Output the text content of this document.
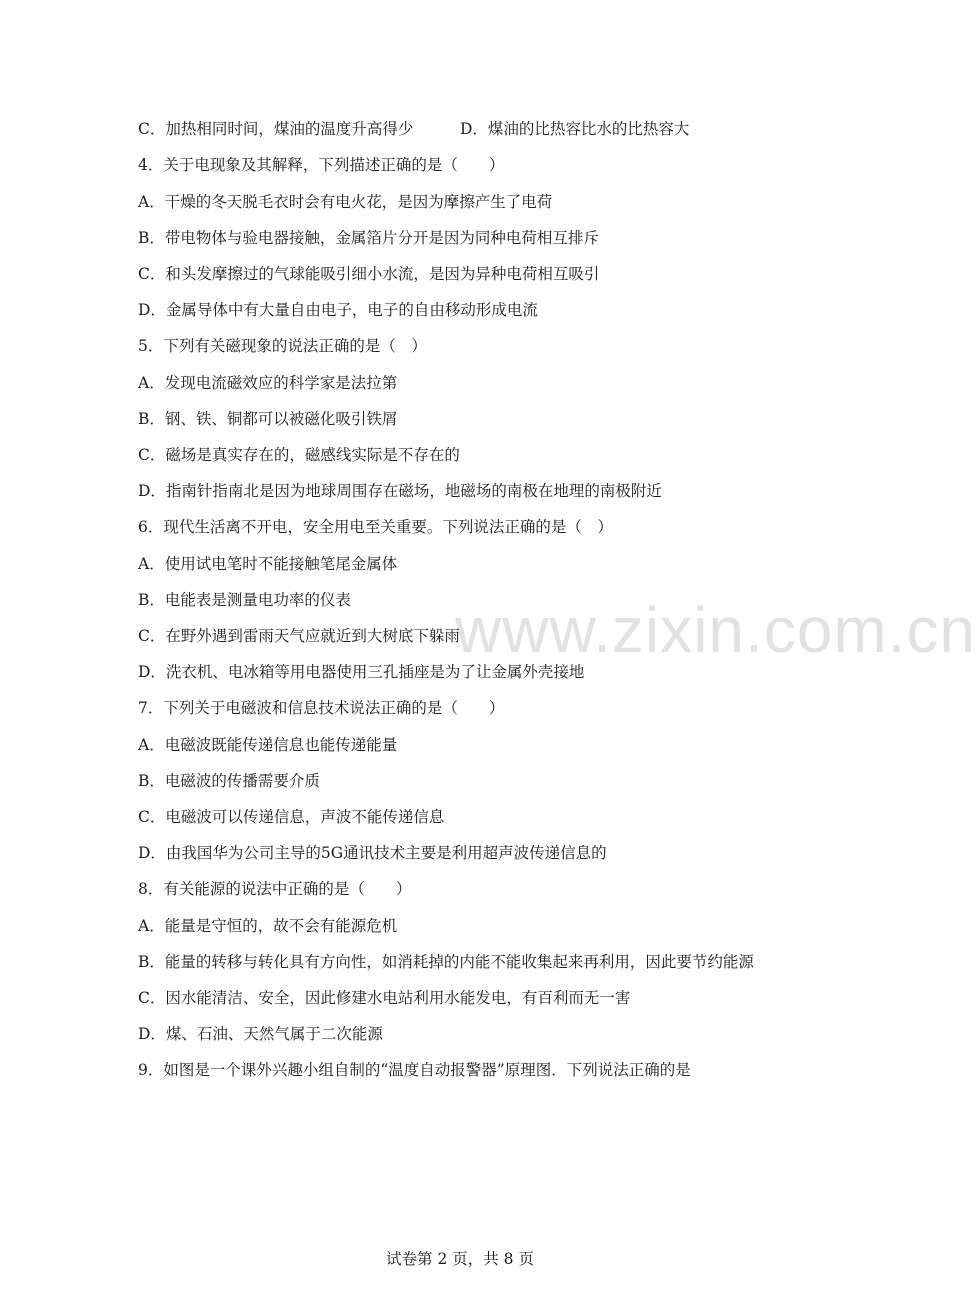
www.zixin.com.cn
C．加热相同时间，煤油的温度升高得少	D．煤油的比热容比水的比热容大
4．关于电现象及其解释，下列描述正确的是（　　）
A．干燥的冬天脱毛衣时会有电火花，是因为摩擦产生了电荷
B．带电物体与验电器接触，金属箔片分开是因为同种电荷相互排斥
C．和头发摩擦过的气球能吸引细小水流，是因为异种电荷相互吸引
D．金属导体中有大量自由电子，电子的自由移动形成电流
5．下列有关磁现象的说法正确的是（　）
A．发现电流磁效应的科学家是法拉第
B．钢、铁、铜都可以被磁化吸引铁屑
C．磁场是真实存在的，磁感线实际是不存在的
D．指南针指南北是因为地球周围存在磁场，地磁场的南极在地理的南极附近
6．现代生活离不开电，安全用电至关重要。下列说法正确的是（　）
A．使用试电笔时不能接触笔尾金属体
B．电能表是测量电功率的仪表
C．在野外遇到雷雨天气应就近到大树底下躲雨
D．洗衣机、电冰箱等用电器使用三孔插座是为了让金属外壳接地
7．下列关于电磁波和信息技术说法正确的是（　　）
A．电磁波既能传递信息也能传递能量
B．电磁波的传播需要介质
C．电磁波可以传递信息，声波不能传递信息
D．由我国华为公司主导的5G通讯技术主要是利用超声波传递信息的
8．有关能源的说法中正确的是（　　）
A．能量是守恒的，故不会有能源危机
B．能量的转移与转化具有方向性，如消耗掉的内能不能收集起来再利用，因此要节约能源
C．因水能清洁、安全，因此修建水电站利用水能发电，有百利而无一害
D．煤、石油、天然气属于二次能源
9．如图是一个课外兴趣小组自制的“温度自动报警器”原理图．下列说法正确的是
试卷第 2 页，共 8 页
